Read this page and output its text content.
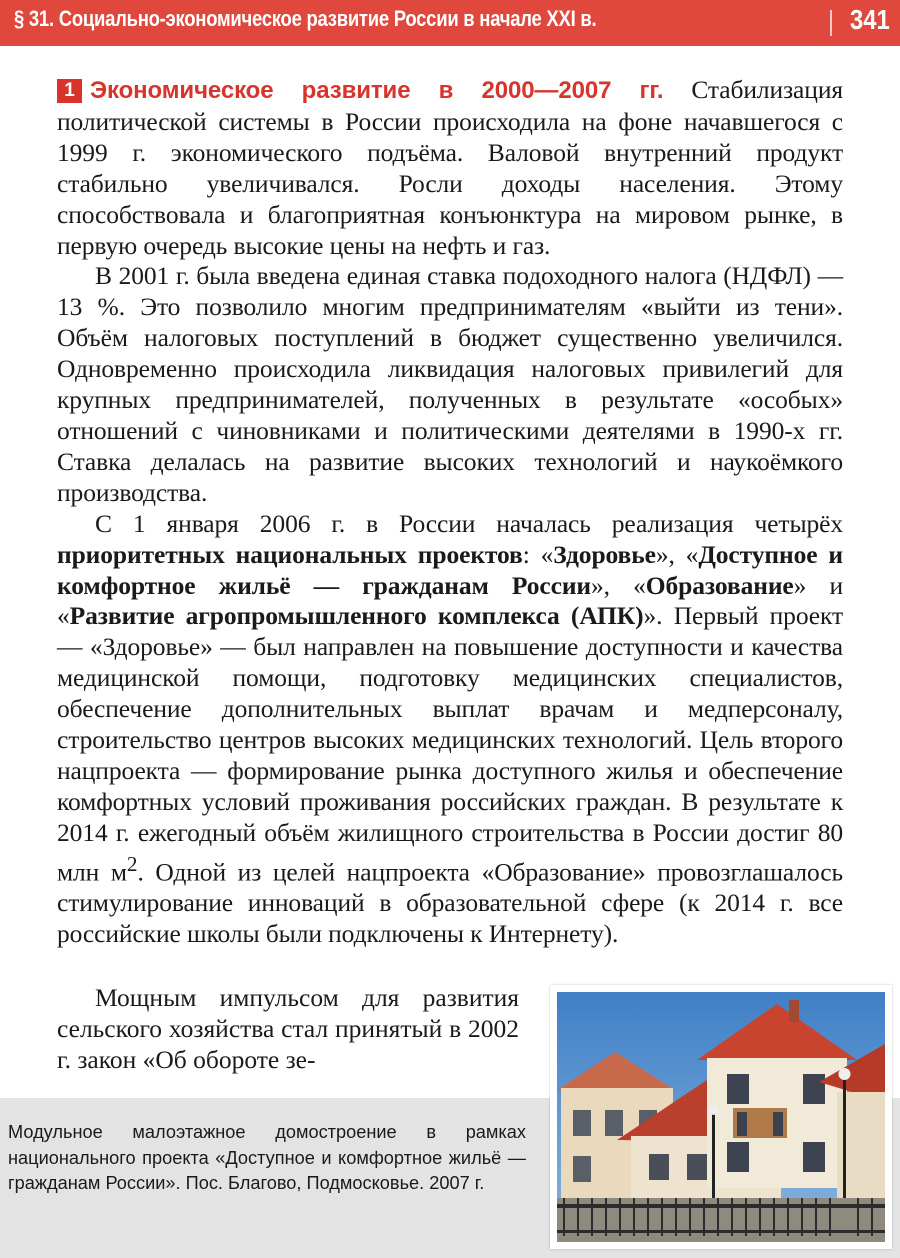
§ 31. Социально-экономическое развитие России в начале XXI в.	341

1 Экономическое развитие в 2000—2007 гг. Стабилизация политической системы в России происходила на фоне начавшегося с 1999 г. экономического подъёма. Валовой внутренний продукт стабильно увеличивался. Росли доходы населения. Этому способствовала и благоприятная конъюнктура на мировом рынке, в первую очередь высокие цены на нефть и газ.

В 2001 г. была введена единая ставка подоходного налога (НДФЛ) — 13 %. Это позволило многим предпринимателям «выйти из тени». Объём налоговых поступлений в бюджет существенно увеличился. Одновременно происходила ликвидация налоговых привилегий для крупных предпринимателей, полученных в результате «особых» отношений с чиновниками и политическими деятелями в 1990-х гг. Ставка делалась на развитие высоких технологий и наукоёмкого производства.

С 1 января 2006 г. в России началась реализация четырёх приоритетных национальных проектов: «Здоровье», «Доступное и комфортное жильё — гражданам России», «Образование» и «Развитие агропромышленного комплекса (АПК)». Первый проект — «Здоровье» — был направлен на повышение доступности и качества медицинской помощи, подготовку медицинских специалистов, обеспечение дополнительных выплат врачам и медперсоналу, строительство центров высоких медицинских технологий. Цель второго нацпроекта — формирование рынка доступного жилья и обеспечение комфортных условий проживания российских граждан. В результате к 2014 г. ежегодный объём жилищного строительства в России достиг 80 млн $м^2$. Одной из целей нацпроекта «Образование» провозглашалось стимулирование инноваций в образовательной сфере (к 2014 г. все российские школы были подключены к Интернету).

Мощным импульсом для развития сельского хозяйства стал принятый в 2002 г. закон «Об обороте зе-

Модульное малоэтажное домостроение в рамках национального проекта «Доступное и комфортное жильё — гражданам России». Пос. Благово, Подмосковье. 2007 г.
